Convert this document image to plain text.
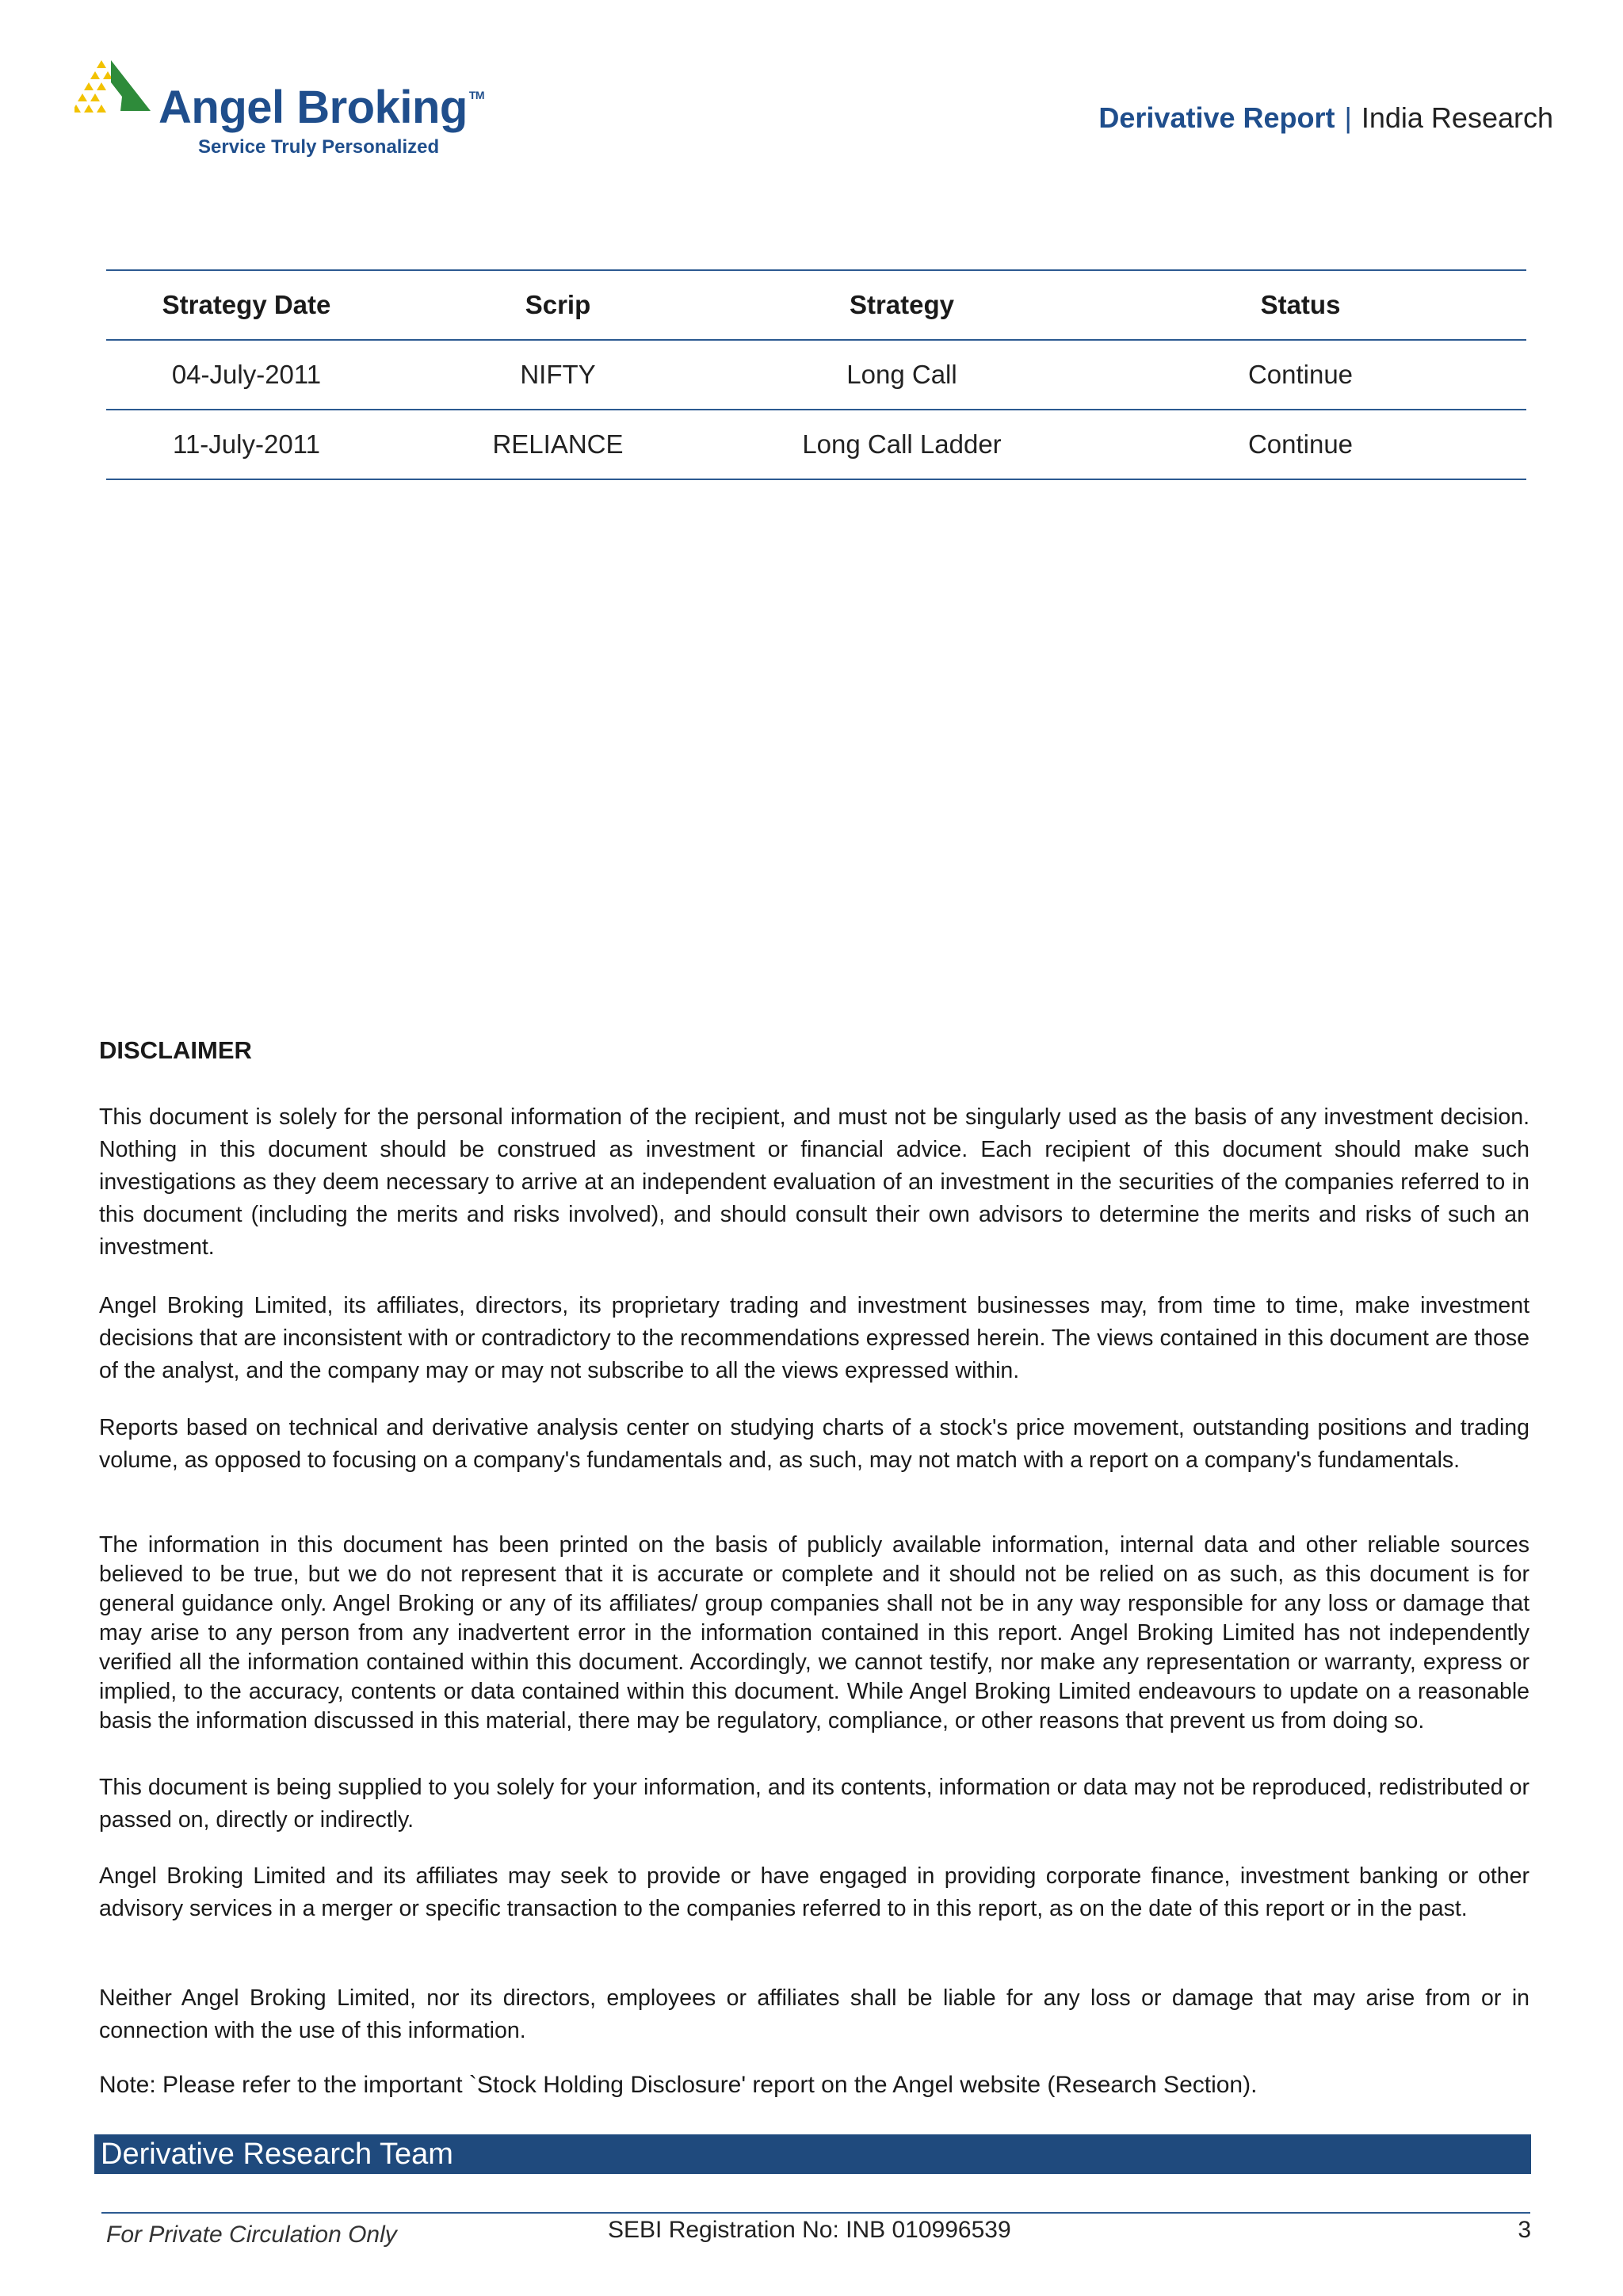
Angel Broking ™
Service Truly Personalized
Derivative Report | India Research
Strategy Date	Scrip	Strategy	Status
04-July-2011	NIFTY	Long Call	Continue
11-July-2011	RELIANCE	Long Call Ladder	Continue
DISCLAIMER

This document is solely for the personal information of the recipient, and must not be singularly used as the basis of any investment decision. Nothing in this document should be construed as investment or financial advice. Each recipient of this document should make such investigations as they deem necessary to arrive at an independent evaluation of an investment in the securities of the companies referred to in this document (including the merits and risks involved), and should consult their own advisors to determine the merits and risks of such an investment.

Angel Broking Limited, its affiliates, directors, its proprietary trading and investment businesses may, from time to time, make investment decisions that are inconsistent with or contradictory to the recommendations expressed herein. The views contained in this document are those of the analyst, and the company may or may not subscribe to all the views expressed within.

Reports based on technical and derivative analysis center on studying charts of a stock's price movement, outstanding positions and trading volume, as opposed to focusing on a company's fundamentals and, as such, may not match with a report on a company's fundamentals.

The information in this document has been printed on the basis of publicly available information, internal data and other reliable sources believed to be true, but we do not represent that it is accurate or complete and it should not be relied on as such, as this document is for general guidance only. Angel Broking or any of its affiliates/ group companies shall not be in any way responsible for any loss or damage that may arise to any person from any inadvertent error in the information contained in this report. Angel Broking Limited has not independently verified all the information contained within this document. Accordingly, we cannot testify, nor make any representation or warranty, express or implied, to the accuracy, contents or data contained within this document. While Angel Broking Limited endeavours to update on a reasonable basis the information discussed in this material, there may be regulatory, compliance, or other reasons that prevent us from doing so.

This document is being supplied to you solely for your information, and its contents, information or data may not be reproduced, redistributed or passed on, directly or indirectly.

Angel Broking Limited and its affiliates may seek to provide or have engaged in providing corporate finance, investment banking or other advisory services in a merger or specific transaction to the companies referred to in this report, as on the date of this report or in the past.

Neither Angel Broking Limited, nor its directors, employees or affiliates shall be liable for any loss or damage that may arise from or in connection with the use of this information.

Note: Please refer to the important `Stock Holding Disclosure' report on the Angel website (Research Section).
Derivative Research Team
For Private Circulation Only	SEBI Registration No: INB 010996539	3
